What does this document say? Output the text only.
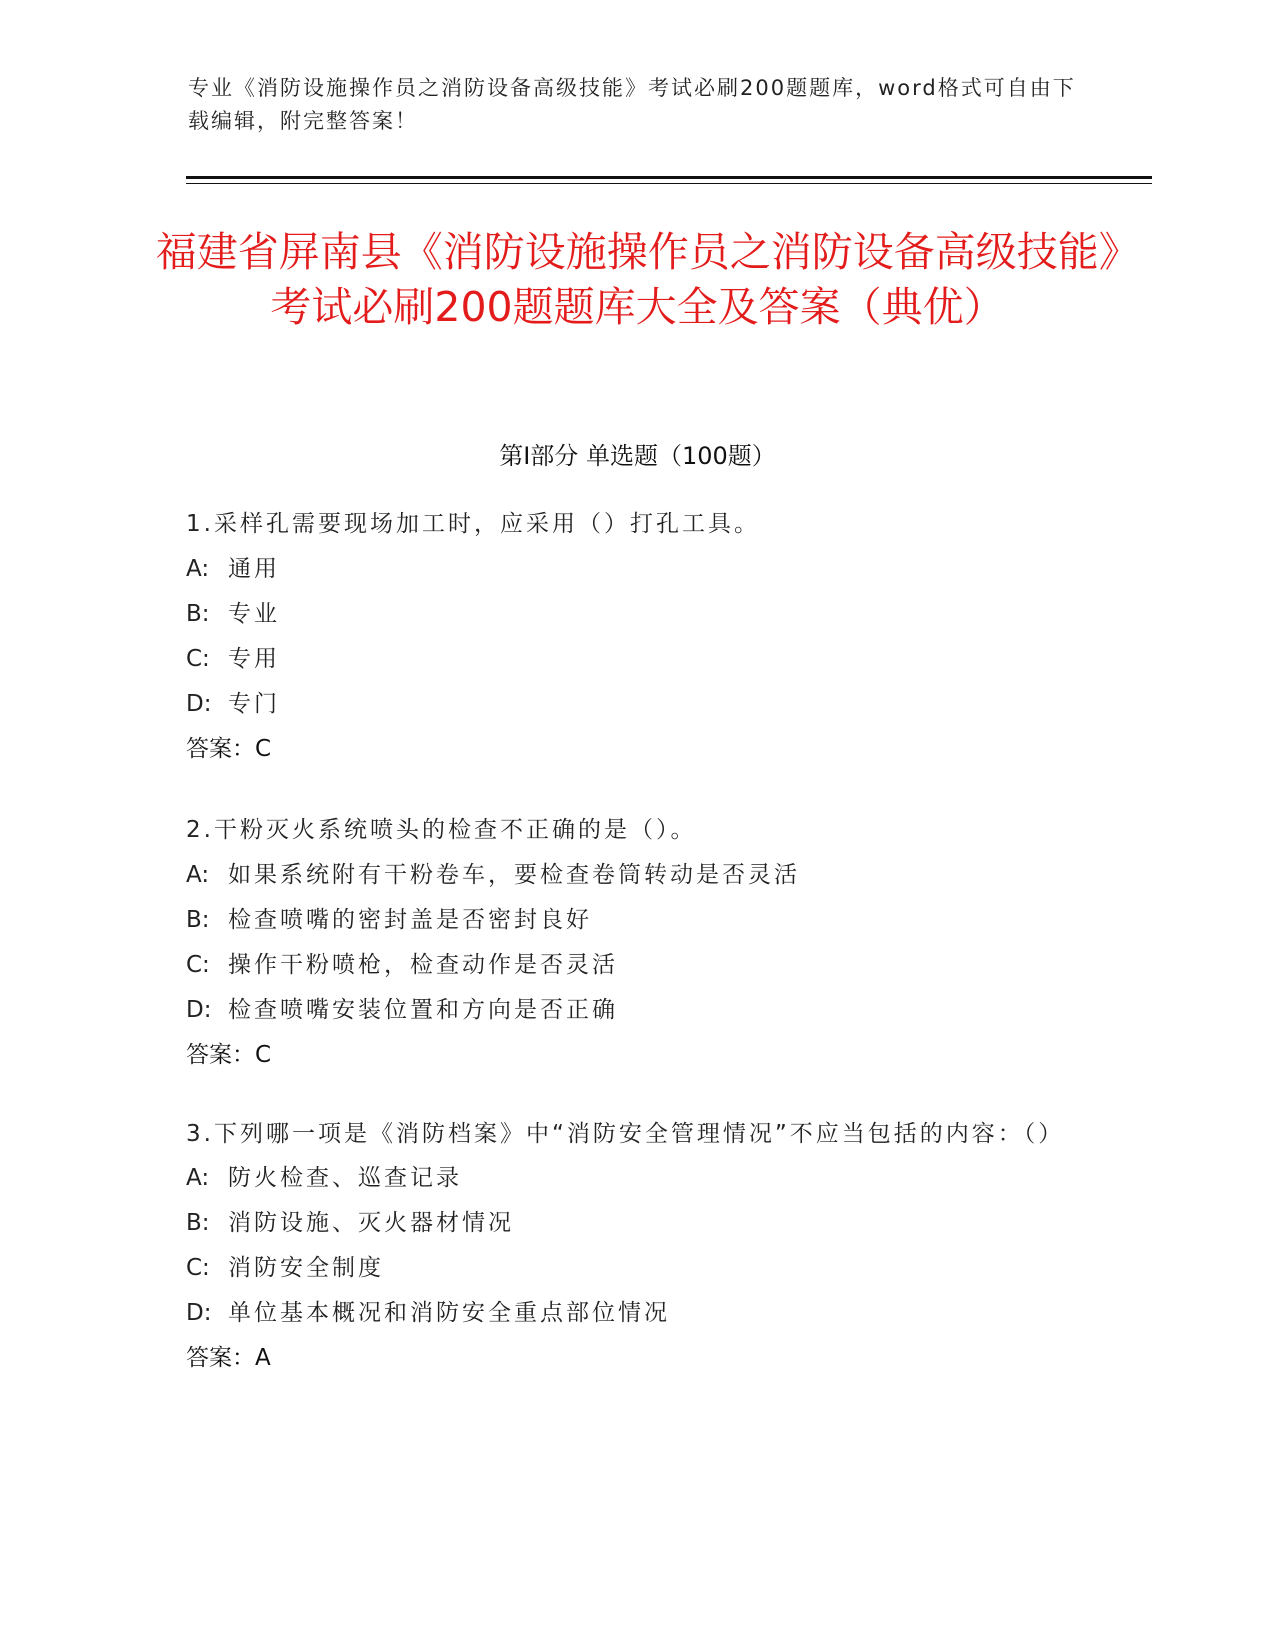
专业《消防设施操作员之消防设备高级技能》考试必刷200题题库，word格式可自由下载编辑，附完整答案！
福建省屏南县《消防设施操作员之消防设备高级技能》考试必刷200题题库大全及答案（典优）
第Ⅰ部分 单选题（100题）
1.采样孔需要现场加工时，应采用（）打孔工具。
A: 通用
B: 专业
C: 专用
D: 专门
答案：C
2.干粉灭火系统喷头的检查不正确的是（）。
A: 如果系统附有干粉卷车，要检查卷筒转动是否灵活
B: 检查喷嘴的密封盖是否密封良好
C: 操作干粉喷枪，检查动作是否灵活
D: 检查喷嘴安装位置和方向是否正确
答案：C
3.下列哪一项是《消防档案》中“消防安全管理情况”不应当包括的内容：（）
A: 防火检查、巡查记录
B: 消防设施、灭火器材情况
C: 消防安全制度
D: 单位基本概况和消防安全重点部位情况
答案：A
